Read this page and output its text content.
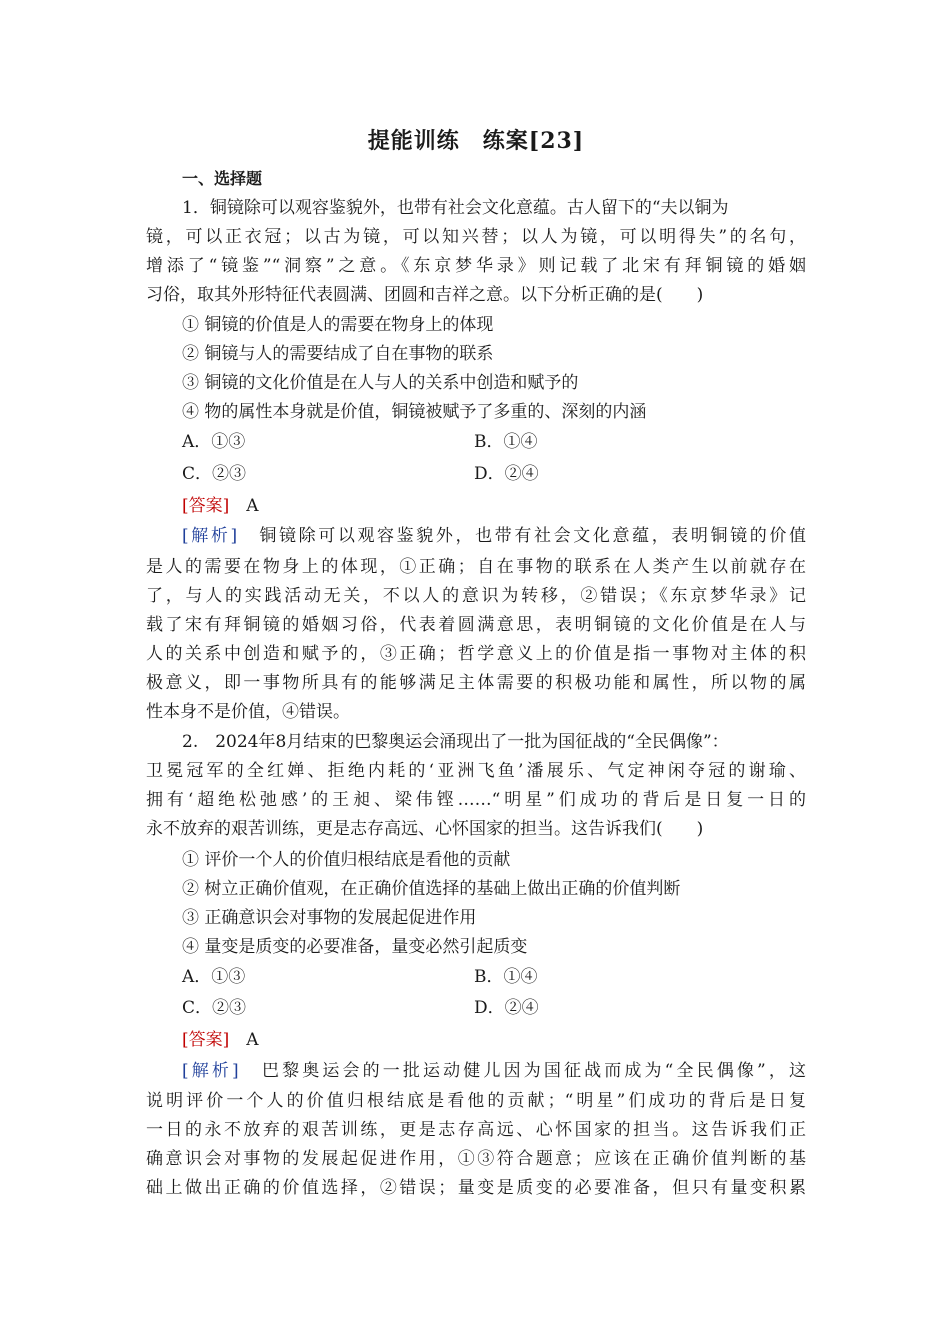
提能训练　练案[23]
一、选择题
1．铜镜除可以观容鉴貌外，也带有社会文化意蕴。古人留下的“夫以铜为
镜，可以正衣冠；以古为镜，可以知兴替；以人为镜，可以明得失”的名句，
增添了“镜鉴”“洞察”之意。《东京梦华录》则记载了北宋有拜铜镜的婚姻
习俗，取其外形特征代表圆满、团圆和吉祥之意。以下分析正确的是(　　)
① 铜镜的价值是人的需要在物身上的体现
② 铜镜与人的需要结成了自在事物的联系
③ 铜镜的文化价值是在人与人的关系中创造和赋予的
④ 物的属性本身就是价值，铜镜被赋予了多重的、深刻的内涵
A．①③	B．①④
C．②③	D．②④
[答案]　 A
[解析]　 铜镜除可以观容鉴貌外，也带有社会文化意蕴，表明铜镜的价值
是人的需要在物身上的体现，①正确；自在事物的联系在人类产生以前就存在
了，与人的实践活动无关，不以人的意识为转移，②错误；《东京梦华录》记
载了宋有拜铜镜的婚姻习俗，代表着圆满意思，表明铜镜的文化价值是在人与
人的关系中创造和赋予的，③正确；哲学意义上的价值是指一事物对主体的积
极意义，即一事物所具有的能够满足主体需要的积极功能和属性，所以物的属
性本身不是价值，④错误。
2.　2024年8月结束的巴黎奥运会涌现出了一批为国征战的“全民偶像”：
卫冕冠军的全红婵、拒绝内耗的‘亚洲飞鱼’潘展乐、气定神闲夺冠的谢瑜、
拥有‘超绝松弛感’的王昶、梁伟铿……“明星”们成功的背后是日复一日的
永不放弃的艰苦训练，更是志存高远、心怀国家的担当。这告诉我们(　　)
① 评价一个人的价值归根结底是看他的贡献
② 树立正确价值观，在正确价值选择的基础上做出正确的价值判断
③ 正确意识会对事物的发展起促进作用
④ 量变是质变的必要准备，量变必然引起质变
A．①③	B．①④
C．②③	D．②④
[答案]　 A
[解析]　 巴黎奥运会的一批运动健儿因为国征战而成为“全民偶像”，这
说明评价一个人的价值归根结底是看他的贡献；“明星”们成功的背后是日复
一日的永不放弃的艰苦训练，更是志存高远、心怀国家的担当。这告诉我们正
确意识会对事物的发展起促进作用，①③符合题意；应该在正确价值判断的基
础上做出正确的价值选择，②错误；量变是质变的必要准备，但只有量变积累
